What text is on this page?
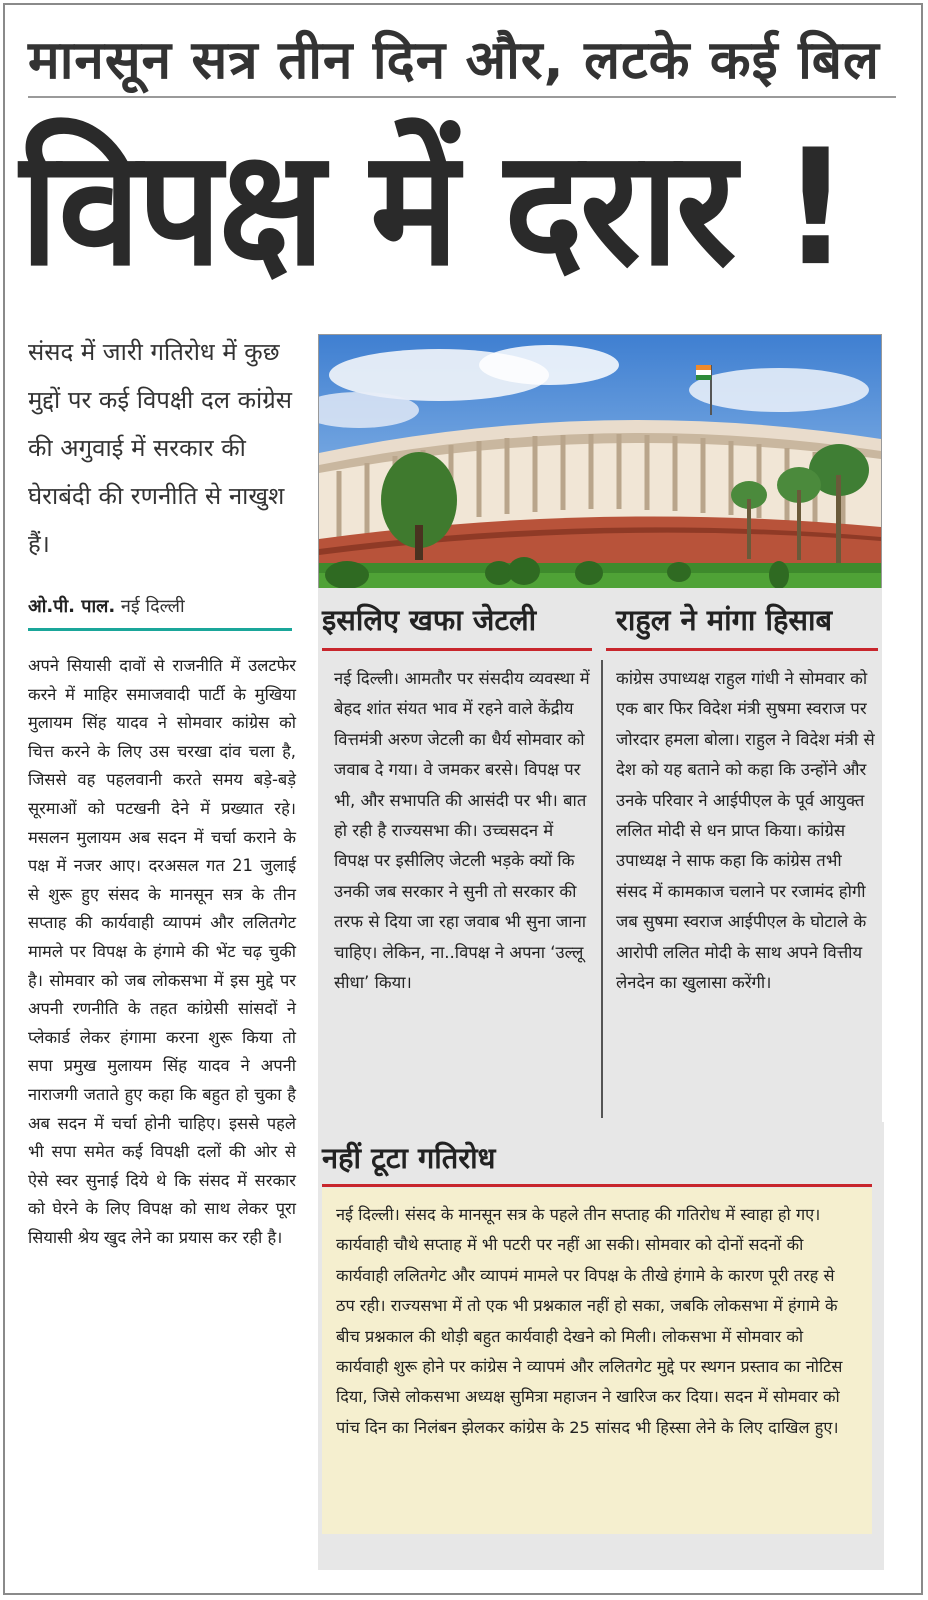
मानसून सत्र तीन दिन और, लटके कई बिल
विपक्ष में दरार !
संसद में जारी गतिरोध में कुछ मुद्दों पर कई विपक्षी दल कांग्रेस की अगुवाई में सरकार की घेराबंदी की रणनीति से नाखुश हैं।
ओ.पी. पाल. नई दिल्ली
अपने सियासी दावों से राजनीति में उलटफेर करने में माहिर समाजवादी पार्टी के मुखिया मुलायम सिंह यादव ने सोमवार कांग्रेस को चित्त करने के लिए उस चरखा दांव चला है, जिससे वह पहलवानी करते समय बड़े-बड़े सूरमाओं को पटखनी देने में प्रख्यात रहे। मसलन मुलायम अब सदन में चर्चा कराने के पक्ष में नजर आए। दरअसल गत 21 जुलाई से शुरू हुए संसद के मानसून सत्र के तीन सप्ताह की कार्यवाही व्यापमं और ललितगेट मामले पर विपक्ष के हंगामे की भेंट चढ़ चुकी है। सोमवार को जब लोकसभा में इस मुद्दे पर अपनी रणनीति के तहत कांग्रेसी सांसदों ने प्लेकार्ड लेकर हंगामा करना शुरू किया तो सपा प्रमुख मुलायम सिंह यादव ने अपनी नाराजगी जताते हुए कहा कि बहुत हो चुका है अब सदन में चर्चा होनी चाहिए। इससे पहले भी सपा समेत कई विपक्षी दलों की ओर से ऐसे स्वर सुनाई दिये थे कि संसद में सरकार को घेरने के लिए विपक्ष को साथ लेकर पूरा सियासी श्रेय खुद लेने का प्रयास कर रही है।
इसलिए खफा जेटली
नई दिल्ली। आमतौर पर संसदीय व्यवस्था में बेहद शांत संयत भाव में रहने वाले केंद्रीय वित्तमंत्री अरुण जेटली का धैर्य सोमवार को जवाब दे गया। वे जमकर बरसे। विपक्ष पर भी, और सभापति की आसंदी पर भी। बात हो रही है राज्यसभा की। उच्चसदन में विपक्ष पर इसीलिए जेटली भड़के क्यों कि उनकी जब सरकार ने सुनी तो सरकार की तरफ से दिया जा रहा जवाब भी सुना जाना चाहिए। लेकिन, ना..विपक्ष ने अपना ‘उल्लू सीधा’ किया।
राहुल ने मांगा हिसाब
कांग्रेस उपाध्यक्ष राहुल गांधी ने सोमवार को एक बार फिर विदेश मंत्री सुषमा स्वराज पर जोरदार हमला बोला। राहुल ने विदेश मंत्री से देश को यह बताने को कहा कि उन्होंने और उनके परिवार ने आईपीएल के पूर्व आयुक्त ललित मोदी से धन प्राप्त किया। कांग्रेस उपाध्यक्ष ने साफ कहा कि कांग्रेस तभी संसद में कामकाज चलाने पर रजामंद होगी जब सुषमा स्वराज आईपीएल के घोटाले के आरोपी ललित मोदी के साथ अपने वित्तीय लेनदेन का खुलासा करेंगी।
नहीं टूटा गतिरोध

नई दिल्ली। संसद के मानसून सत्र के पहले तीन सप्ताह की गतिरोध में स्वाहा हो गए। कार्यवाही चौथे सप्ताह में भी पटरी पर नहीं आ सकी। सोमवार को दोनों सदनों की कार्यवाही ललितगेट और व्यापमं मामले पर विपक्ष के तीखे हंगामे के कारण पूरी तरह से ठप रही। राज्यसभा में तो एक भी प्रश्नकाल नहीं हो सका, जबकि लोकसभा में हंगामे के बीच प्रश्नकाल की थोड़ी बहुत कार्यवाही देखने को मिली। लोकसभा में सोमवार को कार्यवाही शुरू होने पर कांग्रेस ने व्यापमं और ललितगेट मुद्दे पर स्थगन प्रस्ताव का नोटिस दिया, जिसे लोकसभा अध्यक्ष सुमित्रा महाजन ने खारिज कर दिया। सदन में सोमवार को पांच दिन का निलंबन झेलकर कांग्रेस के 25 सांसद भी हिस्सा लेने के लिए दाखिल हुए।
